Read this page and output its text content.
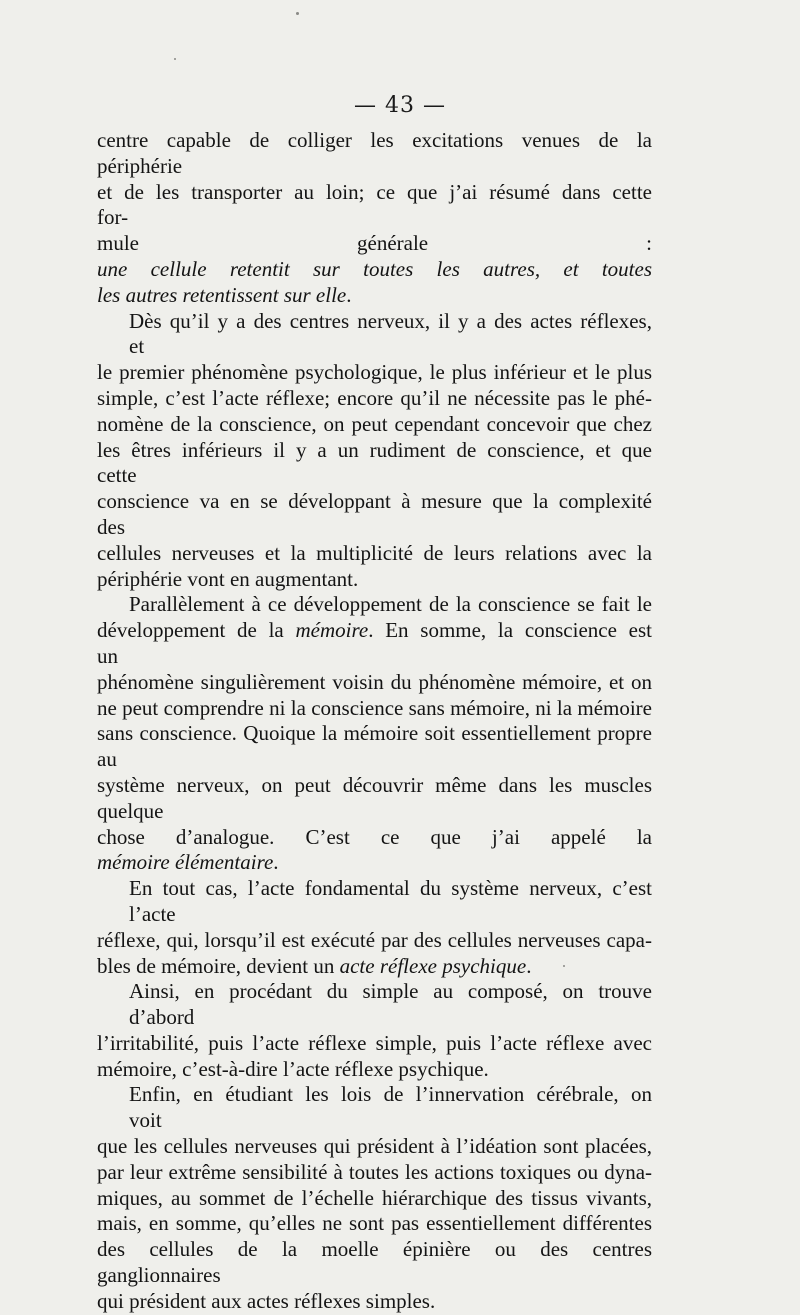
— 43 —

centre capable de colliger les excitations venues de la périphérie
et de les transporter au loin; ce que j’ai résumé dans cette for-
mule générale : une cellule retentit sur toutes les autres, et toutes
les autres retentissent sur elle.

Dès qu’il y a des centres nerveux, il y a des actes réflexes, et
le premier phénomène psychologique, le plus inférieur et le plus
simple, c’est l’acte réflexe; encore qu’il ne nécessite pas le phé-
nomène de la conscience, on peut cependant concevoir que chez
les êtres inférieurs il y a un rudiment de conscience, et que cette
conscience va en se développant à mesure que la complexité des
cellules nerveuses et la multiplicité de leurs relations avec la
périphérie vont en augmentant.

Parallèlement à ce développement de la conscience se fait le
développement de la mémoire. En somme, la conscience est un
phénomène singulièrement voisin du phénomène mémoire, et on
ne peut comprendre ni la conscience sans mémoire, ni la mémoire
sans conscience. Quoique la mémoire soit essentiellement propre au
système nerveux, on peut découvrir même dans les muscles quelque
chose d’analogue. C’est ce que j’ai appelé la mémoire élémentaire.

En tout cas, l’acte fondamental du système nerveux, c’est l’acte
réflexe, qui, lorsqu’il est exécuté par des cellules nerveuses capa-
bles de mémoire, devient un acte réflexe psychique.

Ainsi, en procédant du simple au composé, on trouve d’abord
l’irritabilité, puis l’acte réflexe simple, puis l’acte réflexe avec
mémoire, c’est-à-dire l’acte réflexe psychique.

Enfin, en étudiant les lois de l’innervation cérébrale, on voit
que les cellules nerveuses qui président à l’idéation sont placées,
par leur extrême sensibilité à toutes les actions toxiques ou dyna-
miques, au sommet de l’échelle hiérarchique des tissus vivants,
mais, en somme, qu’elles ne sont pas essentiellement différentes
des cellules de la moelle épinière ou des centres ganglionnaires
qui président aux actes réflexes simples.
